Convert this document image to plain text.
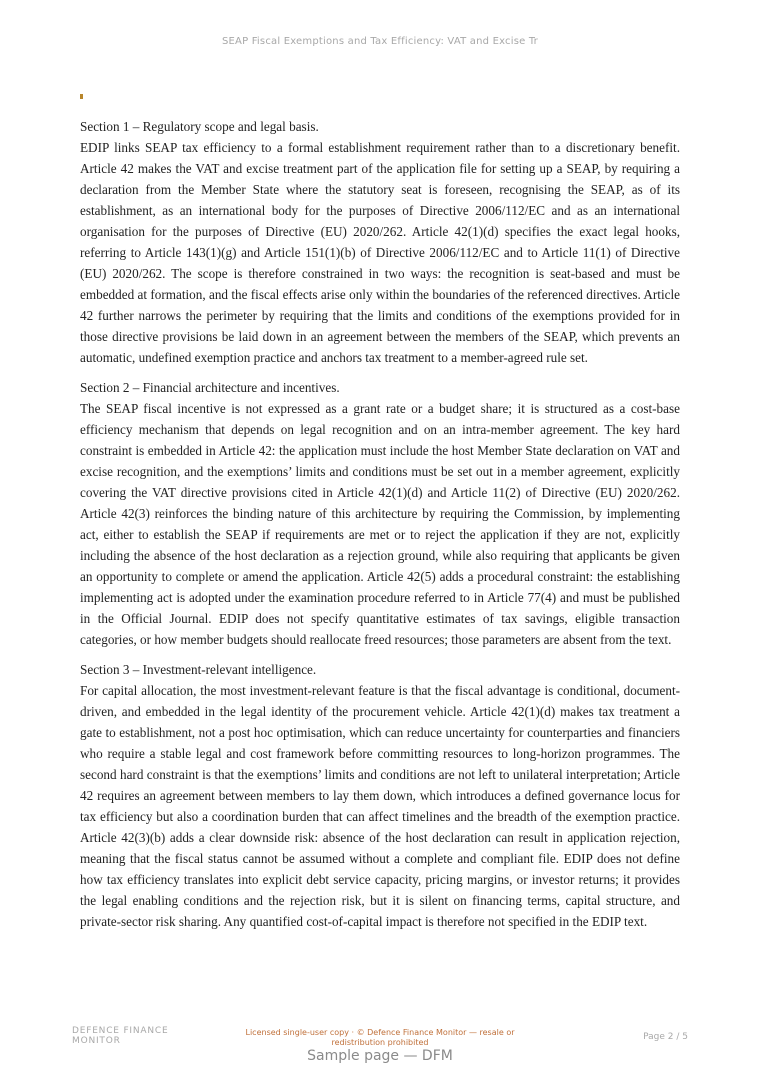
SEAP Fiscal Exemptions and Tax Efficiency: VAT and Excise Tr

Section 1 – Regulatory scope and legal basis.

EDIP links SEAP tax efficiency to a formal establishment requirement rather than to a discretionary benefit. Article 42 makes the VAT and excise treatment part of the application file for setting up a SEAP, by requiring a declaration from the Member State where the statutory seat is foreseen, recognising the SEAP, as of its establishment, as an international body for the purposes of Directive 2006/112/EC and as an international organisation for the purposes of Directive (EU) 2020/262. Article 42(1)(d) specifies the exact legal hooks, referring to Article 143(1)(g) and Article 151(1)(b) of Directive 2006/112/EC and to Article 11(1) of Directive (EU) 2020/262. The scope is therefore constrained in two ways: the recognition is seat-based and must be embedded at formation, and the fiscal effects arise only within the boundaries of the referenced directives. Article 42 further narrows the perimeter by requiring that the limits and conditions of the exemptions provided for in those directive provisions be laid down in an agreement between the members of the SEAP, which prevents an automatic, undefined exemption practice and anchors tax treatment to a member-agreed rule set.

Section 2 – Financial architecture and incentives.

The SEAP fiscal incentive is not expressed as a grant rate or a budget share; it is structured as a cost-base efficiency mechanism that depends on legal recognition and on an intra-member agreement. The key hard constraint is embedded in Article 42: the application must include the host Member State declaration on VAT and excise recognition, and the exemptions’ limits and conditions must be set out in a member agreement, explicitly covering the VAT directive provisions cited in Article 42(1)(d) and Article 11(2) of Directive (EU) 2020/262. Article 42(3) reinforces the binding nature of this architecture by requiring the Commission, by implementing act, either to establish the SEAP if requirements are met or to reject the application if they are not, explicitly including the absence of the host declaration as a rejection ground, while also requiring that applicants be given an opportunity to complete or amend the application. Article 42(5) adds a procedural constraint: the establishing implementing act is adopted under the examination procedure referred to in Article 77(4) and must be published in the Official Journal. EDIP does not specify quantitative estimates of tax savings, eligible transaction categories, or how member budgets should reallocate freed resources; those parameters are absent from the text.

Section 3 – Investment-relevant intelligence.

For capital allocation, the most investment-relevant feature is that the fiscal advantage is conditional, document-driven, and embedded in the legal identity of the procurement vehicle. Article 42(1)(d) makes tax treatment a gate to establishment, not a post hoc optimisation, which can reduce uncertainty for counterparties and financiers who require a stable legal and cost framework before committing resources to long-horizon programmes. The second hard constraint is that the exemptions’ limits and conditions are not left to unilateral interpretation; Article 42 requires an agreement between members to lay them down, which introduces a defined governance locus for tax efficiency but also a coordination burden that can affect timelines and the breadth of the exemption practice. Article 42(3)(b) adds a clear downside risk: absence of the host declaration can result in application rejection, meaning that the fiscal status cannot be assumed without a complete and compliant file. EDIP does not define how tax efficiency translates into explicit debt service capacity, pricing margins, or investor returns; it provides the legal enabling conditions and the rejection risk, but it is silent on financing terms, capital structure, and private-sector risk sharing. Any quantified cost-of-capital impact is therefore not specified in the EDIP text.

DEFENCE FINANCE MONITOR
Licensed single-user copy · © Defence Finance Monitor — resale or redistribution prohibited
Page 2 / 5
Sample page — DFM
